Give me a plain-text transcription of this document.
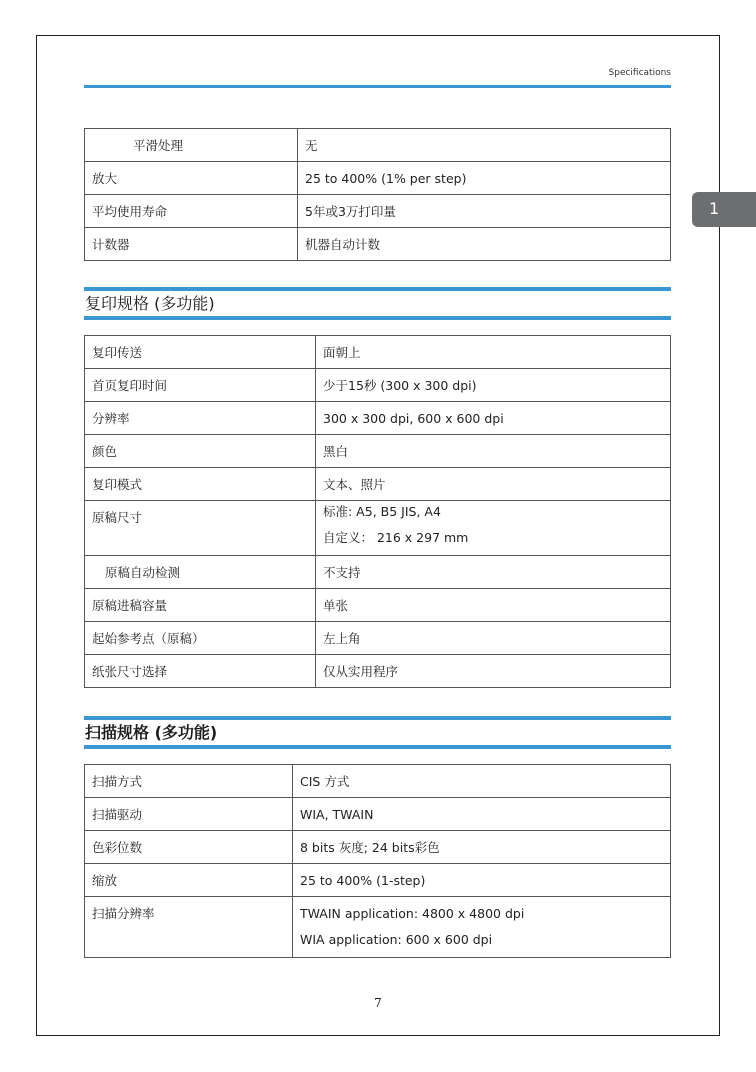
Specifications
1
平滑处理	无
放大	25 to 400% (1% per step)
平均使用寿命	5年或3万打印量
计数器	机器自动计数
复印规格 (多功能)
复印传送	面朝上
首页复印时间	少于15秒 (300 x 300 dpi)
分辨率	300 x 300 dpi, 600 x 600 dpi
颜色	黑白
复印模式	文本、照片

原稿尺寸	标准: A5, B5 JIS, A4
自定义： 216 x 297 mm

原稿自动检测	不支持
原稿进稿容量	单张
起始参考点（原稿）	左上角
纸张尺寸选择	仅从实用程序
扫描规格 (多功能)
扫描方式	CIS 方式
扫描驱动	WIA, TWAIN
色彩位数	8 bits 灰度; 24 bits彩色
缩放	25 to 400% (1-step)

扫描分辨率	TWAIN application: 4800 x 4800 dpi
WIA application: 600 x 600 dpi
7
